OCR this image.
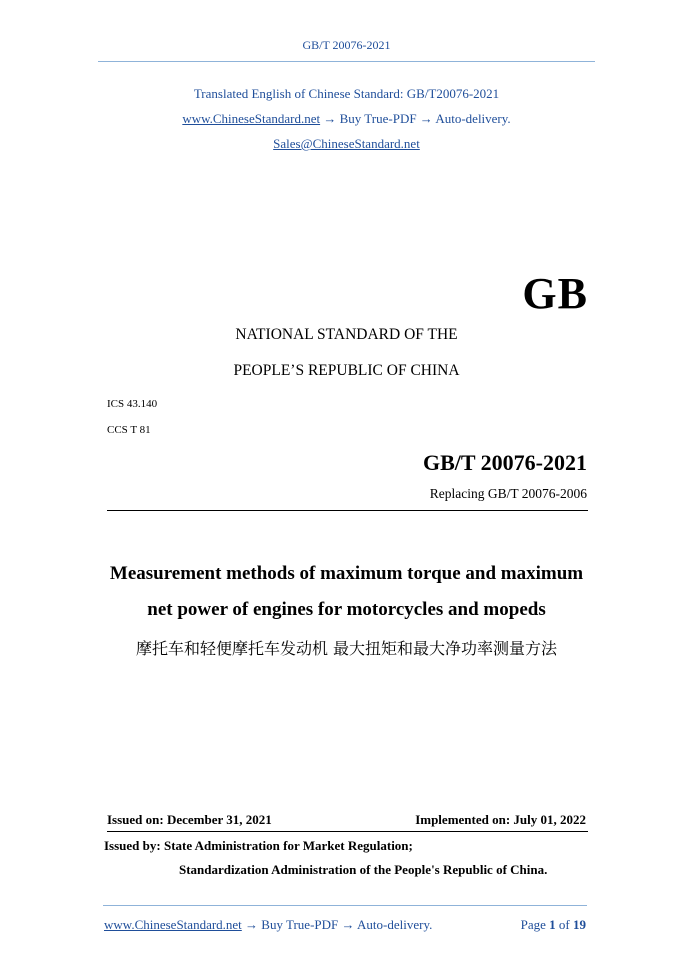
GB/T 20076-2021
Translated English of Chinese Standard: GB/T20076-2021
www.ChineseStandard.net → Buy True-PDF → Auto-delivery.
Sales@ChineseStandard.net
GB
NATIONAL STANDARD OF THE
PEOPLE’S REPUBLIC OF CHINA
ICS 43.140
CCS T 81
GB/T 20076-2021
Replacing GB/T 20076-2006
Measurement methods of maximum torque and maximum
net power of engines for motorcycles and mopeds
摩托车和轻便摩托车发动机 最大扭矩和最大净功率测量方法
Issued on: December 31, 2021	Implemented on: July 01, 2022
Issued by: State Administration for Market Regulation;
Standardization Administration of the People's Republic of China.
www.ChineseStandard.net → Buy True-PDF → Auto-delivery.	Page 1 of 19
